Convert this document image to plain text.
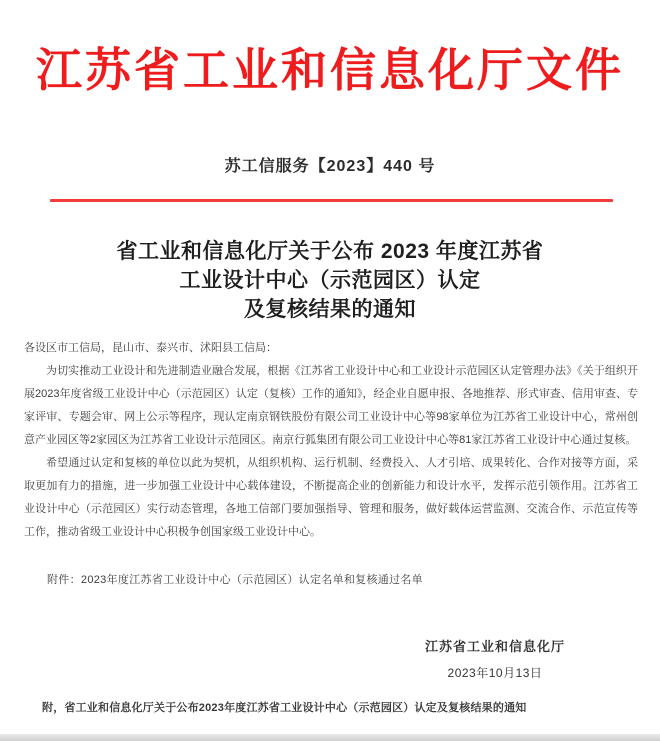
江苏省工业和信息化厅文件
苏工信服务【2023】440 号
省工业和信息化厅关于公布 2023 年度江苏省
工业设计中心（示范园区）认定
及复核结果的通知

各设区市工信局，昆山市、泰兴市、沭阳县工信局：

为切实推动工业设计和先进制造业融合发展，根据《江苏省工业设计中心和工业设计示范园区认定管理办法》《关于组织开展2023年度省级工业设计中心（示范园区）认定（复核）工作的通知》，经企业自愿申报、各地推荐、形式审查、信用审查、专家评审、专题会审、网上公示等程序，现认定南京钢铁股份有限公司工业设计中心等98家单位为江苏省工业设计中心，常州创意产业园区等2家园区为江苏省工业设计示范园区。南京行狐集团有限公司工业设计中心等81家江苏省工业设计中心通过复核。

希望通过认定和复核的单位以此为契机，从组织机构、运行机制、经费投入、人才引培、成果转化、合作对接等方面，采取更加有力的措施，进一步加强工业设计中心载体建设，不断提高企业的创新能力和设计水平，发挥示范引领作用。江苏省工业设计中心（示范园区）实行动态管理，各地工信部门要加强指导、管理和服务，做好载体运营监测、交流合作、示范宣传等工作，推动省级工业设计中心积极争创国家级工业设计中心。

附件：2023年度江苏省工业设计中心（示范园区）认定名单和复核通过名单
江苏省工业和信息化厅
2023年10月13日
附，省工业和信息化厅关于公布2023年度江苏省工业设计中心（示范园区）认定及复核结果的通知
